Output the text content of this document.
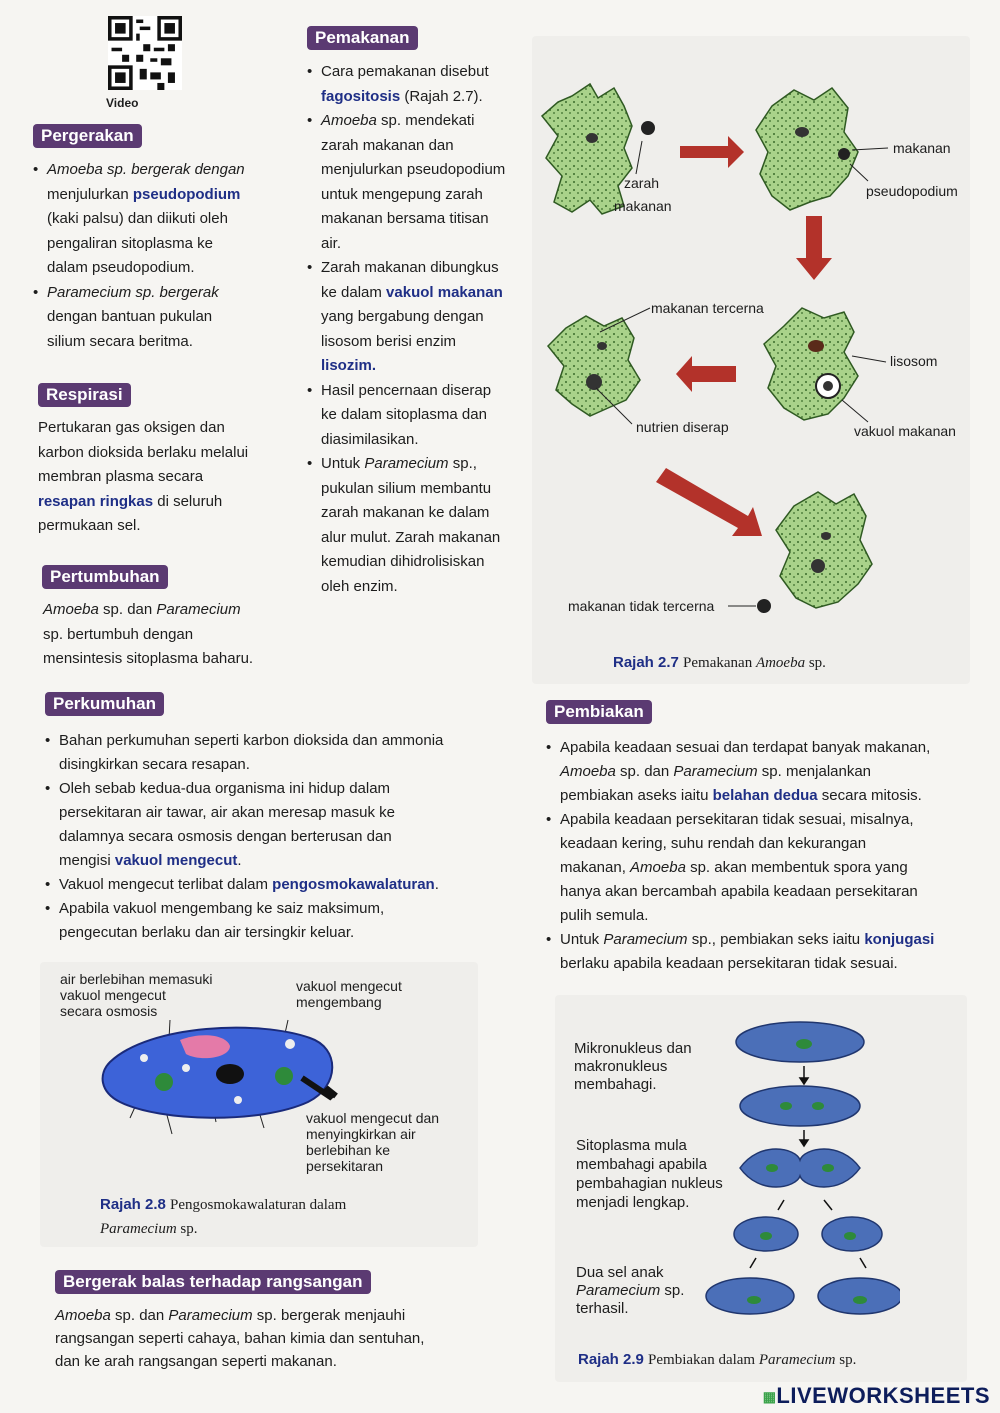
Video
Pergerakan

• Amoeba sp. bergerak dengan

menjulurkan pseudopodium

(kaki palsu) dan diikuti oleh

pengaliran sitoplasma ke

dalam pseudopodium.

• Paramecium sp. bergerak

dengan bantuan pukulan

silium secara beritma.

Respirasi

Pertukaran gas oksigen dan

karbon dioksida berlaku melalui

membran plasma secara

resapan ringkas di seluruh

permukaan sel.

Pertumbuhan

Amoeba sp. dan Paramecium

sp. bertumbuh dengan

mensintesis sitoplasma baharu.

Pemakanan

• Cara pemakanan disebut

fagositosis (Rajah 2.7).

• Amoeba sp. mendekati

zarah makanan dan

menjulurkan pseudopodium

untuk mengepung zarah

makanan bersama titisan

air.

• Zarah makanan dibungkus

ke dalam vakuol makanan

yang bergabung dengan

lisosom berisi enzim

lisozim.

• Hasil pencernaan diserap

ke dalam sitoplasma dan

diasimilasikan.

• Untuk Paramecium sp.,

pukulan silium membantu

zarah makanan ke dalam

alur mulut. Zarah makanan

kemudian dihidrolisiskan

oleh enzim.

zarah
makanan
makanan
pseudopodium
makanan tercerna
lisosom
nutrien diserap	vakuol makanan
makanan tidak tercerna
Rajah 2.7 Pemakanan Amoeba sp.
Perkumuhan

• Bahan perkumuhan seperti karbon dioksida dan ammonia

disingkirkan secara resapan.

• Oleh sebab kedua-dua organisma ini hidup dalam

persekitaran air tawar, air akan meresap masuk ke

dalamnya secara osmosis dengan berterusan dan

mengisi vakuol mengecut.

• Vakuol mengecut terlibat dalam pengosmokawalaturan.

• Apabila vakuol mengembang ke saiz maksimum,

pengecutan berlaku dan air tersingkir keluar.

air berlebihan memasuki
vakuol mengecut
secara osmosis
vakuol mengecut
mengembang
vakuol mengecut dan
menyingkirkan air
berlebihan ke
persekitaran
Rajah 2.8 Pengosmokawalaturan dalam
Paramecium sp.
Bergerak balas terhadap rangsangan

Amoeba sp. dan Paramecium sp. bergerak menjauhi

rangsangan seperti cahaya, bahan kimia dan sentuhan,

dan ke arah rangsangan seperti makanan.

Pembiakan

• Apabila keadaan sesuai dan terdapat banyak makanan,

Amoeba sp. dan Paramecium sp. menjalankan

pembiakan aseks iaitu belahan dedua secara mitosis.

• Apabila keadaan persekitaran tidak sesuai, misalnya,

keadaan kering, suhu rendah dan kekurangan

makanan, Amoeba sp. akan membentuk spora yang

hanya akan bercambah apabila keadaan persekitaran

pulih semula.

• Untuk Paramecium sp., pembiakan seks iaitu konjugasi

berlaku apabila keadaan persekitaran tidak sesuai.

Mikronukleus dan
makronukleus
membahagi.
Sitoplasma mula
membahagi apabila
pembahagian nukleus
menjadi lengkap.
Dua sel anak
Paramecium sp.
terhasil.
Rajah 2.9 Pembiakan dalam Paramecium sp.
▦LIVEWORKSHEETS
